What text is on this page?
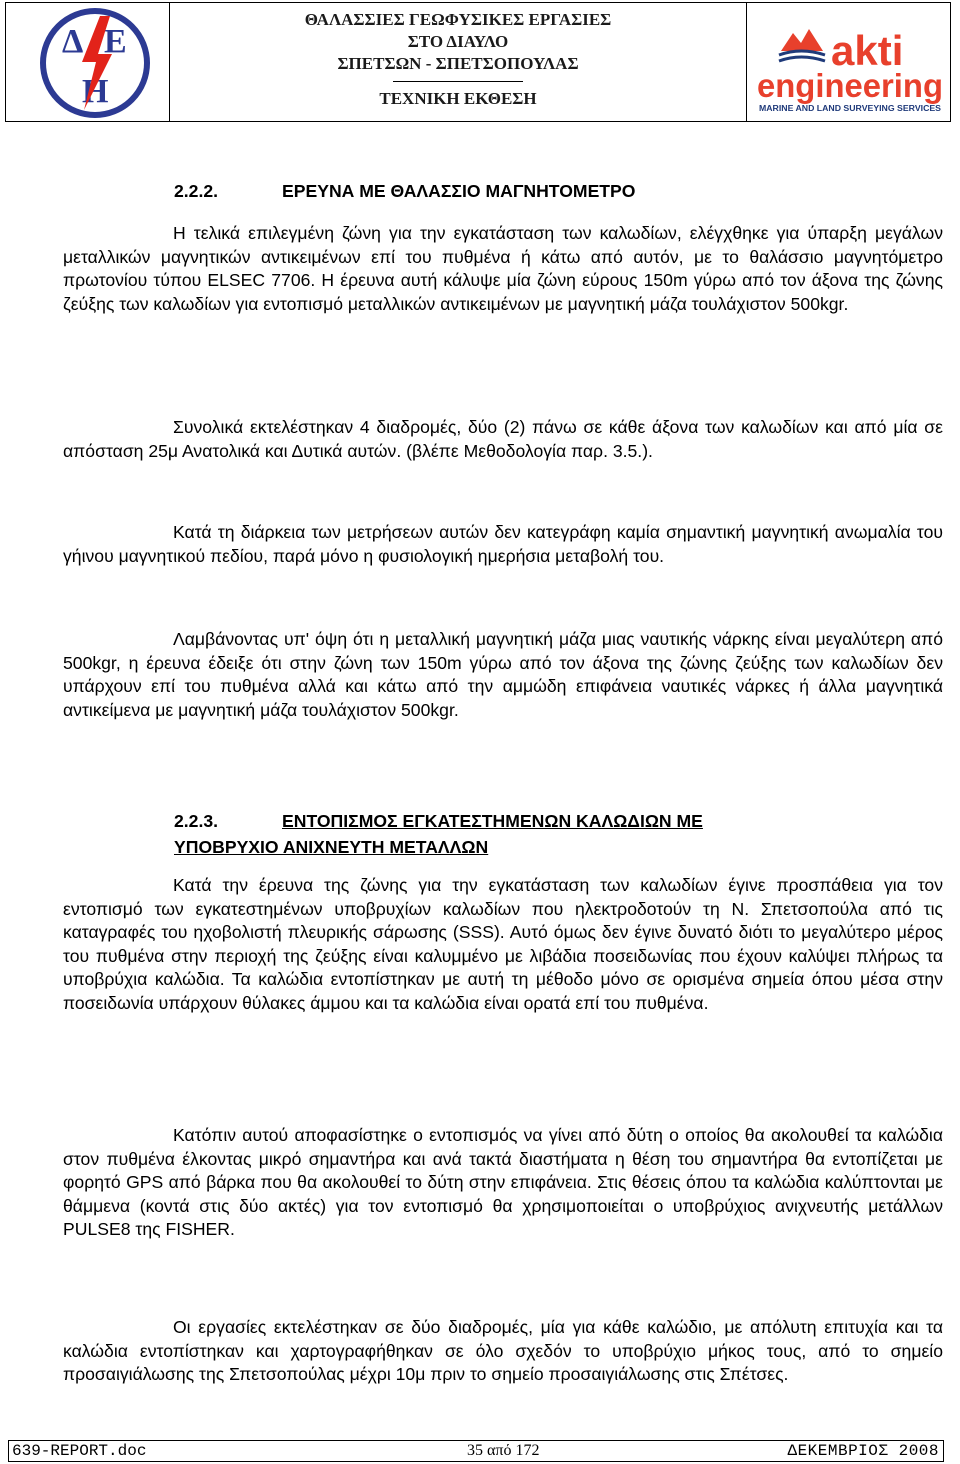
Δ Ε
Η
ΘΑΛΑΣΣΙΕΣ ΓΕΩΦΥΣΙΚΕΣ ΕΡΓΑΣΙΕΣ
ΣΤΟ ΔΙΑΥΛΟ
ΣΠΕΤΣΩΝ - ΣΠΕΤΣΟΠΟΥΛΑΣ
ΤΕΧΝΙΚΗ ΕΚΘΕΣΗ
akti
engineering
MARINE AND LAND SURVEYING SERVICES
2.2.2.	ΕΡΕΥΝΑ ΜΕ ΘΑΛΑΣΣΙΟ ΜΑΓΝΗΤΟΜΕΤΡΟ

Η τελικά επιλεγμένη ζώνη για την εγκατάσταση των καλωδίων, ελέγχθηκε για ύπαρξη μεγάλων μεταλλικών μαγνητικών αντικειμένων επί του πυθμένα ή κάτω από αυτόν, με το θαλάσσιο μαγνητόμετρο πρωτονίου τύπου ELSEC 7706. Η έρευνα αυτή κάλυψε μία ζώνη εύρους 150m γύρω από τον άξονα της ζώνης ζεύξης των καλωδίων για εντοπισμό μεταλλικών αντικειμένων με μαγνητική μάζα τουλάχιστον 500kgr.

Συνολικά εκτελέστηκαν 4 διαδρομές, δύο (2) πάνω σε κάθε άξονα των καλωδίων και από μία σε απόσταση 25μ Ανατολικά και Δυτικά αυτών. (βλέπε Μεθοδολογία παρ. 3.5.).

Κατά τη διάρκεια των μετρήσεων αυτών δεν κατεγράφη καμία σημαντική μαγνητική ανωμαλία του γήινου μαγνητικού πεδίου, παρά μόνο η φυσιολογική ημερήσια μεταβολή του.

Λαμβάνοντας υπ' όψη ότι η μεταλλική μαγνητική μάζα μιας ναυτικής νάρκης είναι μεγαλύτερη από 500kgr, η έρευνα έδειξε ότι στην ζώνη των 150m γύρω από τον άξονα της ζώνης ζεύξης των καλωδίων δεν υπάρχουν επί του πυθμένα αλλά και κάτω από την αμμώδη επιφάνεια ναυτικές νάρκες ή άλλα μαγνητικά αντικείμενα με μαγνητική μάζα τουλάχιστον 500kgr.

2.2.3.	ΕΝΤΟΠΙΣΜΟΣ ΕΓΚΑΤΕΣΤΗΜΕΝΩΝ ΚΑΛΩΔΙΩΝ ΜΕ
ΥΠΟΒΡΥΧΙΟ ΑΝΙΧΝΕΥΤΗ ΜΕΤΑΛΛΩΝ

Κατά την έρευνα της ζώνης για την εγκατάσταση των καλωδίων έγινε προσπάθεια για τον εντοπισμό των εγκατεστημένων υποβρυχίων καλωδίων που ηλεκτροδοτούν τη Ν. Σπετσοπούλα από τις καταγραφές του ηχοβολιστή πλευρικής σάρωσης (SSS). Αυτό όμως δεν έγινε δυνατό διότι το μεγαλύτερο μέρος του πυθμένα στην περιοχή της ζεύξης είναι καλυμμένο με λιβάδια ποσειδωνίας που έχουν καλύψει πλήρως τα υποβρύχια καλώδια. Τα καλώδια εντοπίστηκαν με αυτή τη μέθοδο μόνο σε ορισμένα σημεία όπου μέσα στην ποσειδωνία υπάρχουν θύλακες άμμου και τα καλώδια είναι ορατά επί του πυθμένα.

Κατόπιν αυτού αποφασίστηκε ο εντοπισμός να γίνει από δύτη ο οποίος θα ακολουθεί τα καλώδια στον πυθμένα έλκοντας μικρό σημαντήρα και ανά τακτά διαστήματα η θέση του σημαντήρα θα εντοπίζεται με φορητό GPS από βάρκα που θα ακολουθεί το δύτη στην επιφάνεια. Στις θέσεις όπου τα καλώδια καλύπτονται με θάμμενα (κοντά στις δύο ακτές) για τον εντοπισμό θα χρησιμοποιείται ο υποβρύχιος ανιχνευτής μετάλλων PULSE8 της FISHER.

Οι εργασίες εκτελέστηκαν σε δύο διαδρομές, μία για κάθε καλώδιο, με απόλυτη επιτυχία και τα καλώδια εντοπίστηκαν και χαρτογραφήθηκαν σε όλο σχεδόν το υποβρύχιο μήκος τους, από το σημείο προσαιγιάλωσης της Σπετσοπούλας μέχρι 10μ πριν το σημείο προσαιγιάλωσης στις Σπέτσες.

639-REPORT.doc	35 από 172	ΔΕΚΕΜΒΡΙΟΣ 2008
